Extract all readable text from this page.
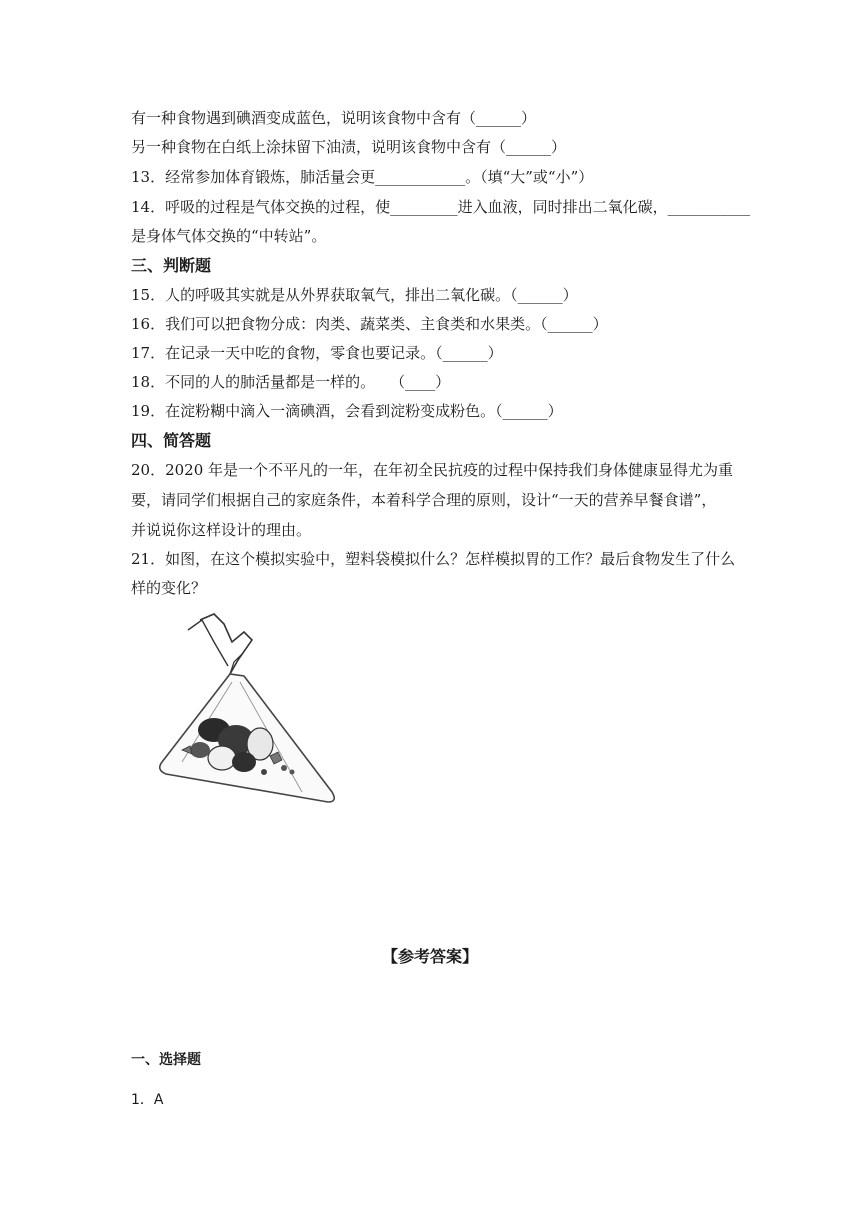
有一种食物遇到碘酒变成蓝色，说明该食物中含有（______）
另一种食物在白纸上涂抹留下油渍，说明该食物中含有（______）
13．经常参加体育锻炼，肺活量会更____________。（填“大”或“小”）
14．呼吸的过程是气体交换的过程，使_________进入血液，同时排出二氧化碳，___________
是身体气体交换的“中转站”。
三、判断题
15．人的呼吸其实就是从外界获取氧气，排出二氧化碳。（______）
16．我们可以把食物分成：肉类、蔬菜类、主食类和水果类。（______）
17．在记录一天中吃的食物，零食也要记录。（______）
18．不同的人的肺活量都是一样的。　　（____）
19．在淀粉糊中滴入一滴碘酒，会看到淀粉变成粉色。（______）
四、简答题
20．2020 年是一个不平凡的一年，在年初全民抗疫的过程中保持我们身体健康显得尤为重
要，请同学们根据自己的家庭条件，本着科学合理的原则，设计“一天的营养早餐食谱”，
并说说你这样设计的理由。
21．如图，在这个模拟实验中，塑料袋模拟什么？怎样模拟胃的工作？最后食物发生了什么
样的变化？
【参考答案】
一、选择题
1．A
